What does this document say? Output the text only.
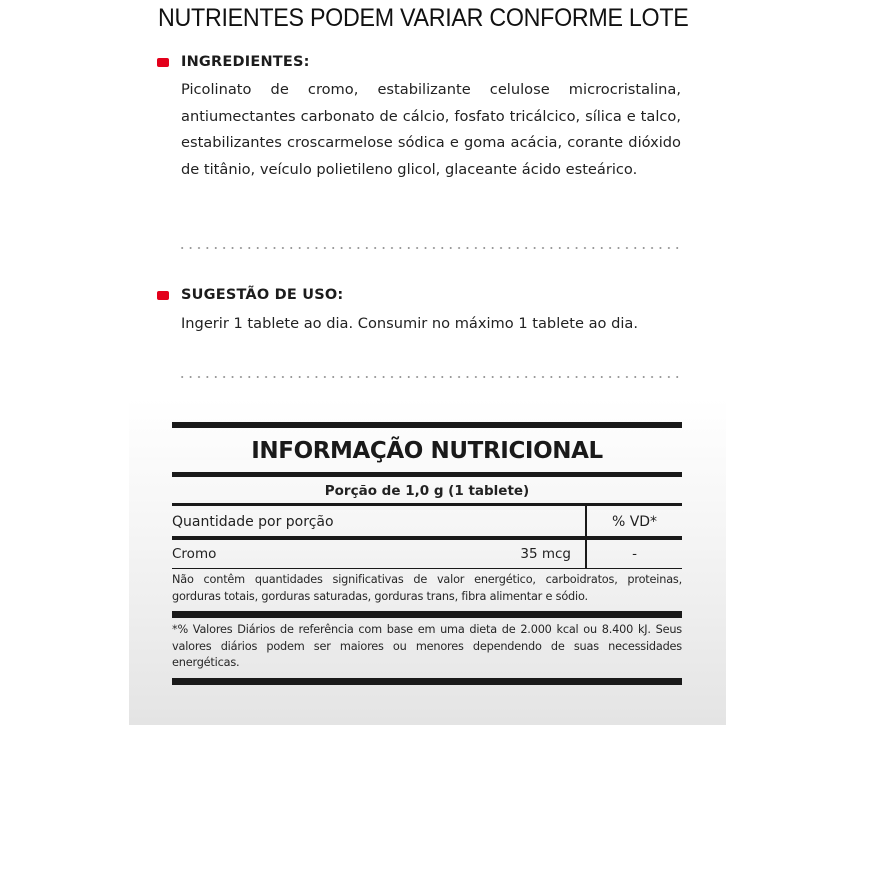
NUTRIENTES PODEM VARIAR CONFORME LOTE
INGREDIENTES:
Picolinato de cromo, estabilizante celulose microcristalina, antiumectantes carbonato de cálcio, fosfato tricálcico, sílica e talco, estabilizantes croscarmelose sódica e goma acácia, corante dióxido de titânio, veículo polietileno glicol, glaceante ácido esteárico.
SUGESTÃO DE USO:
Ingerir 1 tablete ao dia. Consumir no máximo 1 tablete ao dia.
INFORMAÇÃO NUTRICIONAL
Porção de 1,0 g (1 tablete)
Quantidade por porção	% VD*
Cromo	35 mcg	-
Não contêm quantidades significativas de valor energético, carboidratos, proteinas, gorduras totais, gorduras saturadas, gorduras trans, fibra alimentar e sódio.
*% Valores Diários de referência com base em uma dieta de 2.000 kcal ou 8.400 kJ. Seus valores diários podem ser maiores ou menores dependendo de suas necessidades energéticas.
